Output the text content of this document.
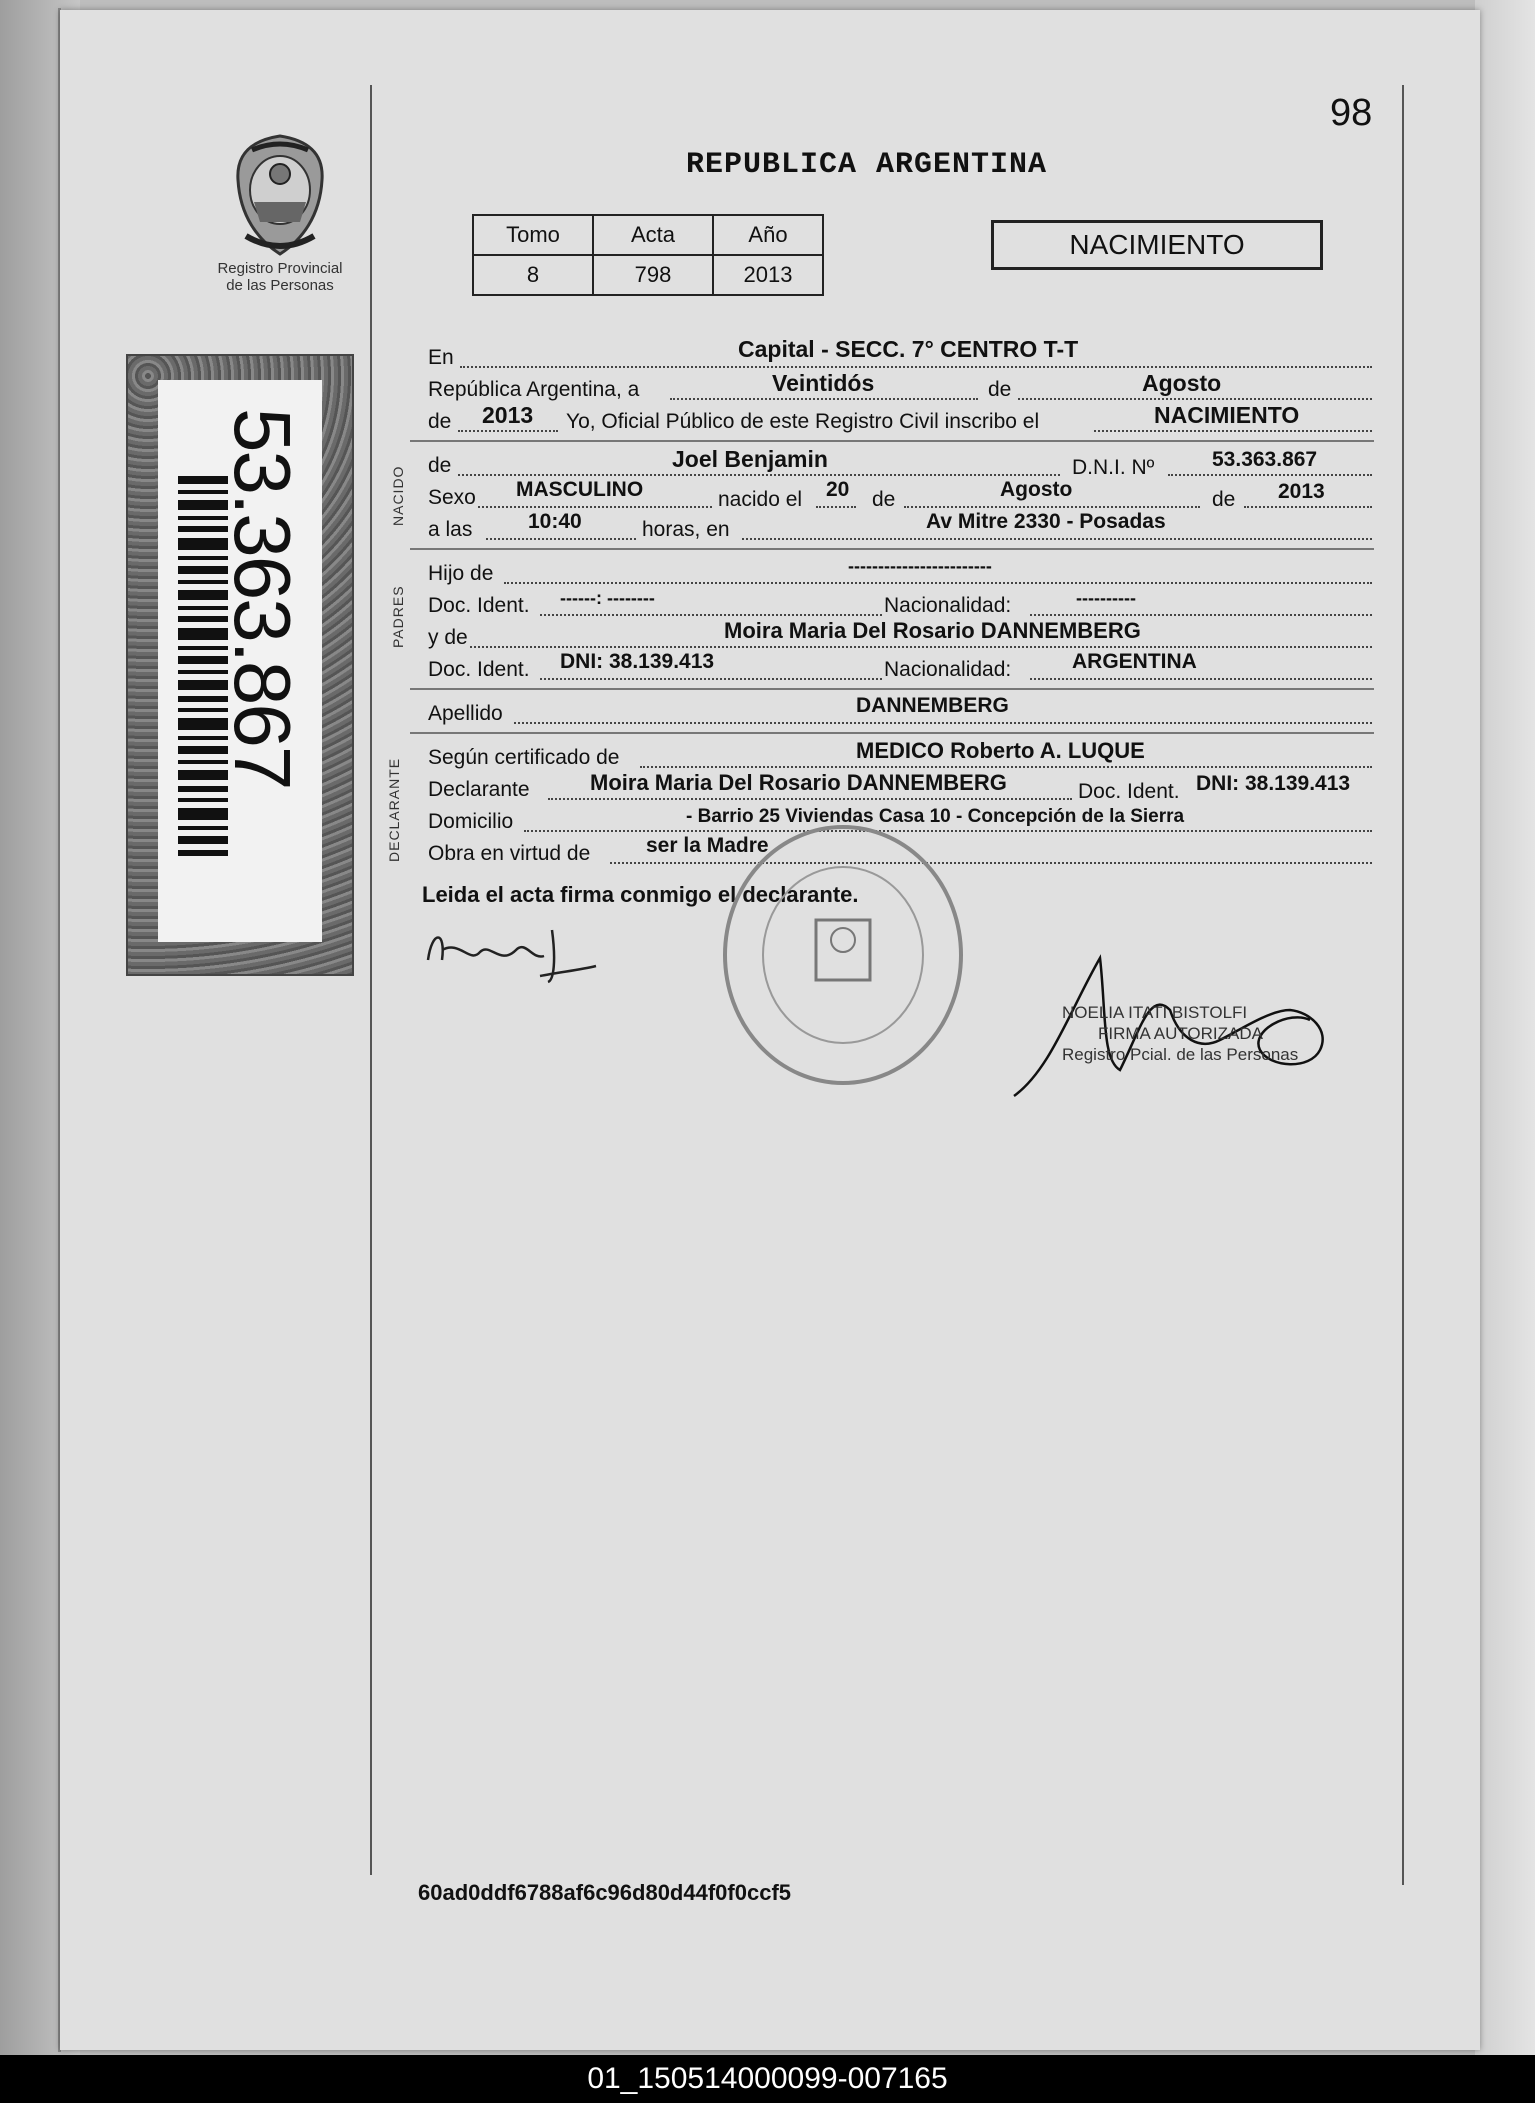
98
REPUBLICA ARGENTINA
Registro Provincial
de las Personas
Tomo	Acta	Año
8	798	2013
NACIMIENTO
53.363.867	NACIDO
PADRES
DECLARANTE
En	Capital - SECC. 7° CENTRO T-T
República Argentina, a	Veintidós	de	Agosto
de 2013 Yo, Oficial Público de este Registro Civil inscribo el	NACIMIENTO
de	Joel Benjamin	D.N.I. Nº	53.363.867
Sexo MASCULINO	nacido el 20 de	Agosto	de 2013
a las	10:40	horas, en	Av Mitre 2330 - Posadas
Hijo de	------------------------
Doc. Ident. ------: --------	Nacionalidad:	----------
y de	Moira Maria Del Rosario DANNEMBERG
Doc. Ident. DNI: 38.139.413	Nacionalidad:	ARGENTINA
Apellido	DANNEMBERG
Según certificado de	MEDICO Roberto A. LUQUE
Declarante	Moira Maria Del Rosario DANNEMBERG	Doc. Ident. DNI: 38.139.413
Domicilio	- Barrio 25 Viviendas Casa 10 - Concepción de la Sierra
Obra en virtud de	ser la Madre
Leida el acta firma conmigo el declarante.
NOELIA ITATI BISTOLFI
FIRMA AUTORIZADA
Registro Pcial. de las Personas
60ad0ddf6788af6c96d80d44f0f0ccf5
01_150514000099-007165
